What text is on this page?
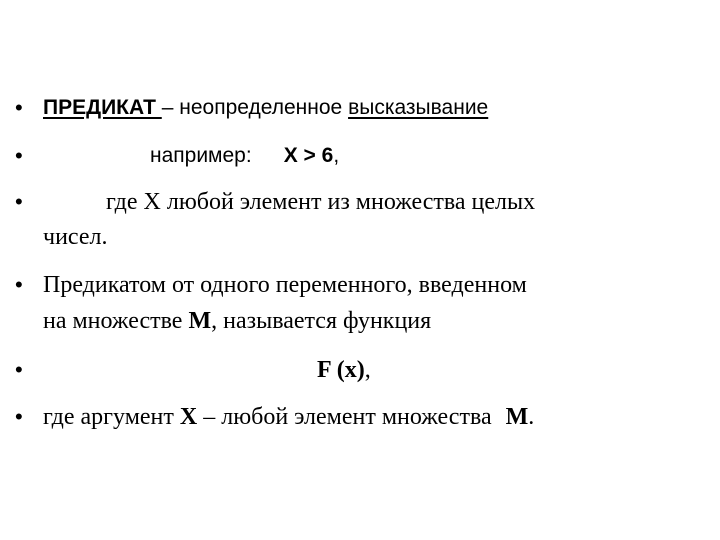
• ПРЕДИКАТ – неопределенное высказывание
•	например: X > 6,
•	где X любой элемент из множества целых
чисел.
• Предикатом от одного переменного, введенном
на множестве M, называется функция
•	F (x),
• где аргумент X – любой элемент множества M.
